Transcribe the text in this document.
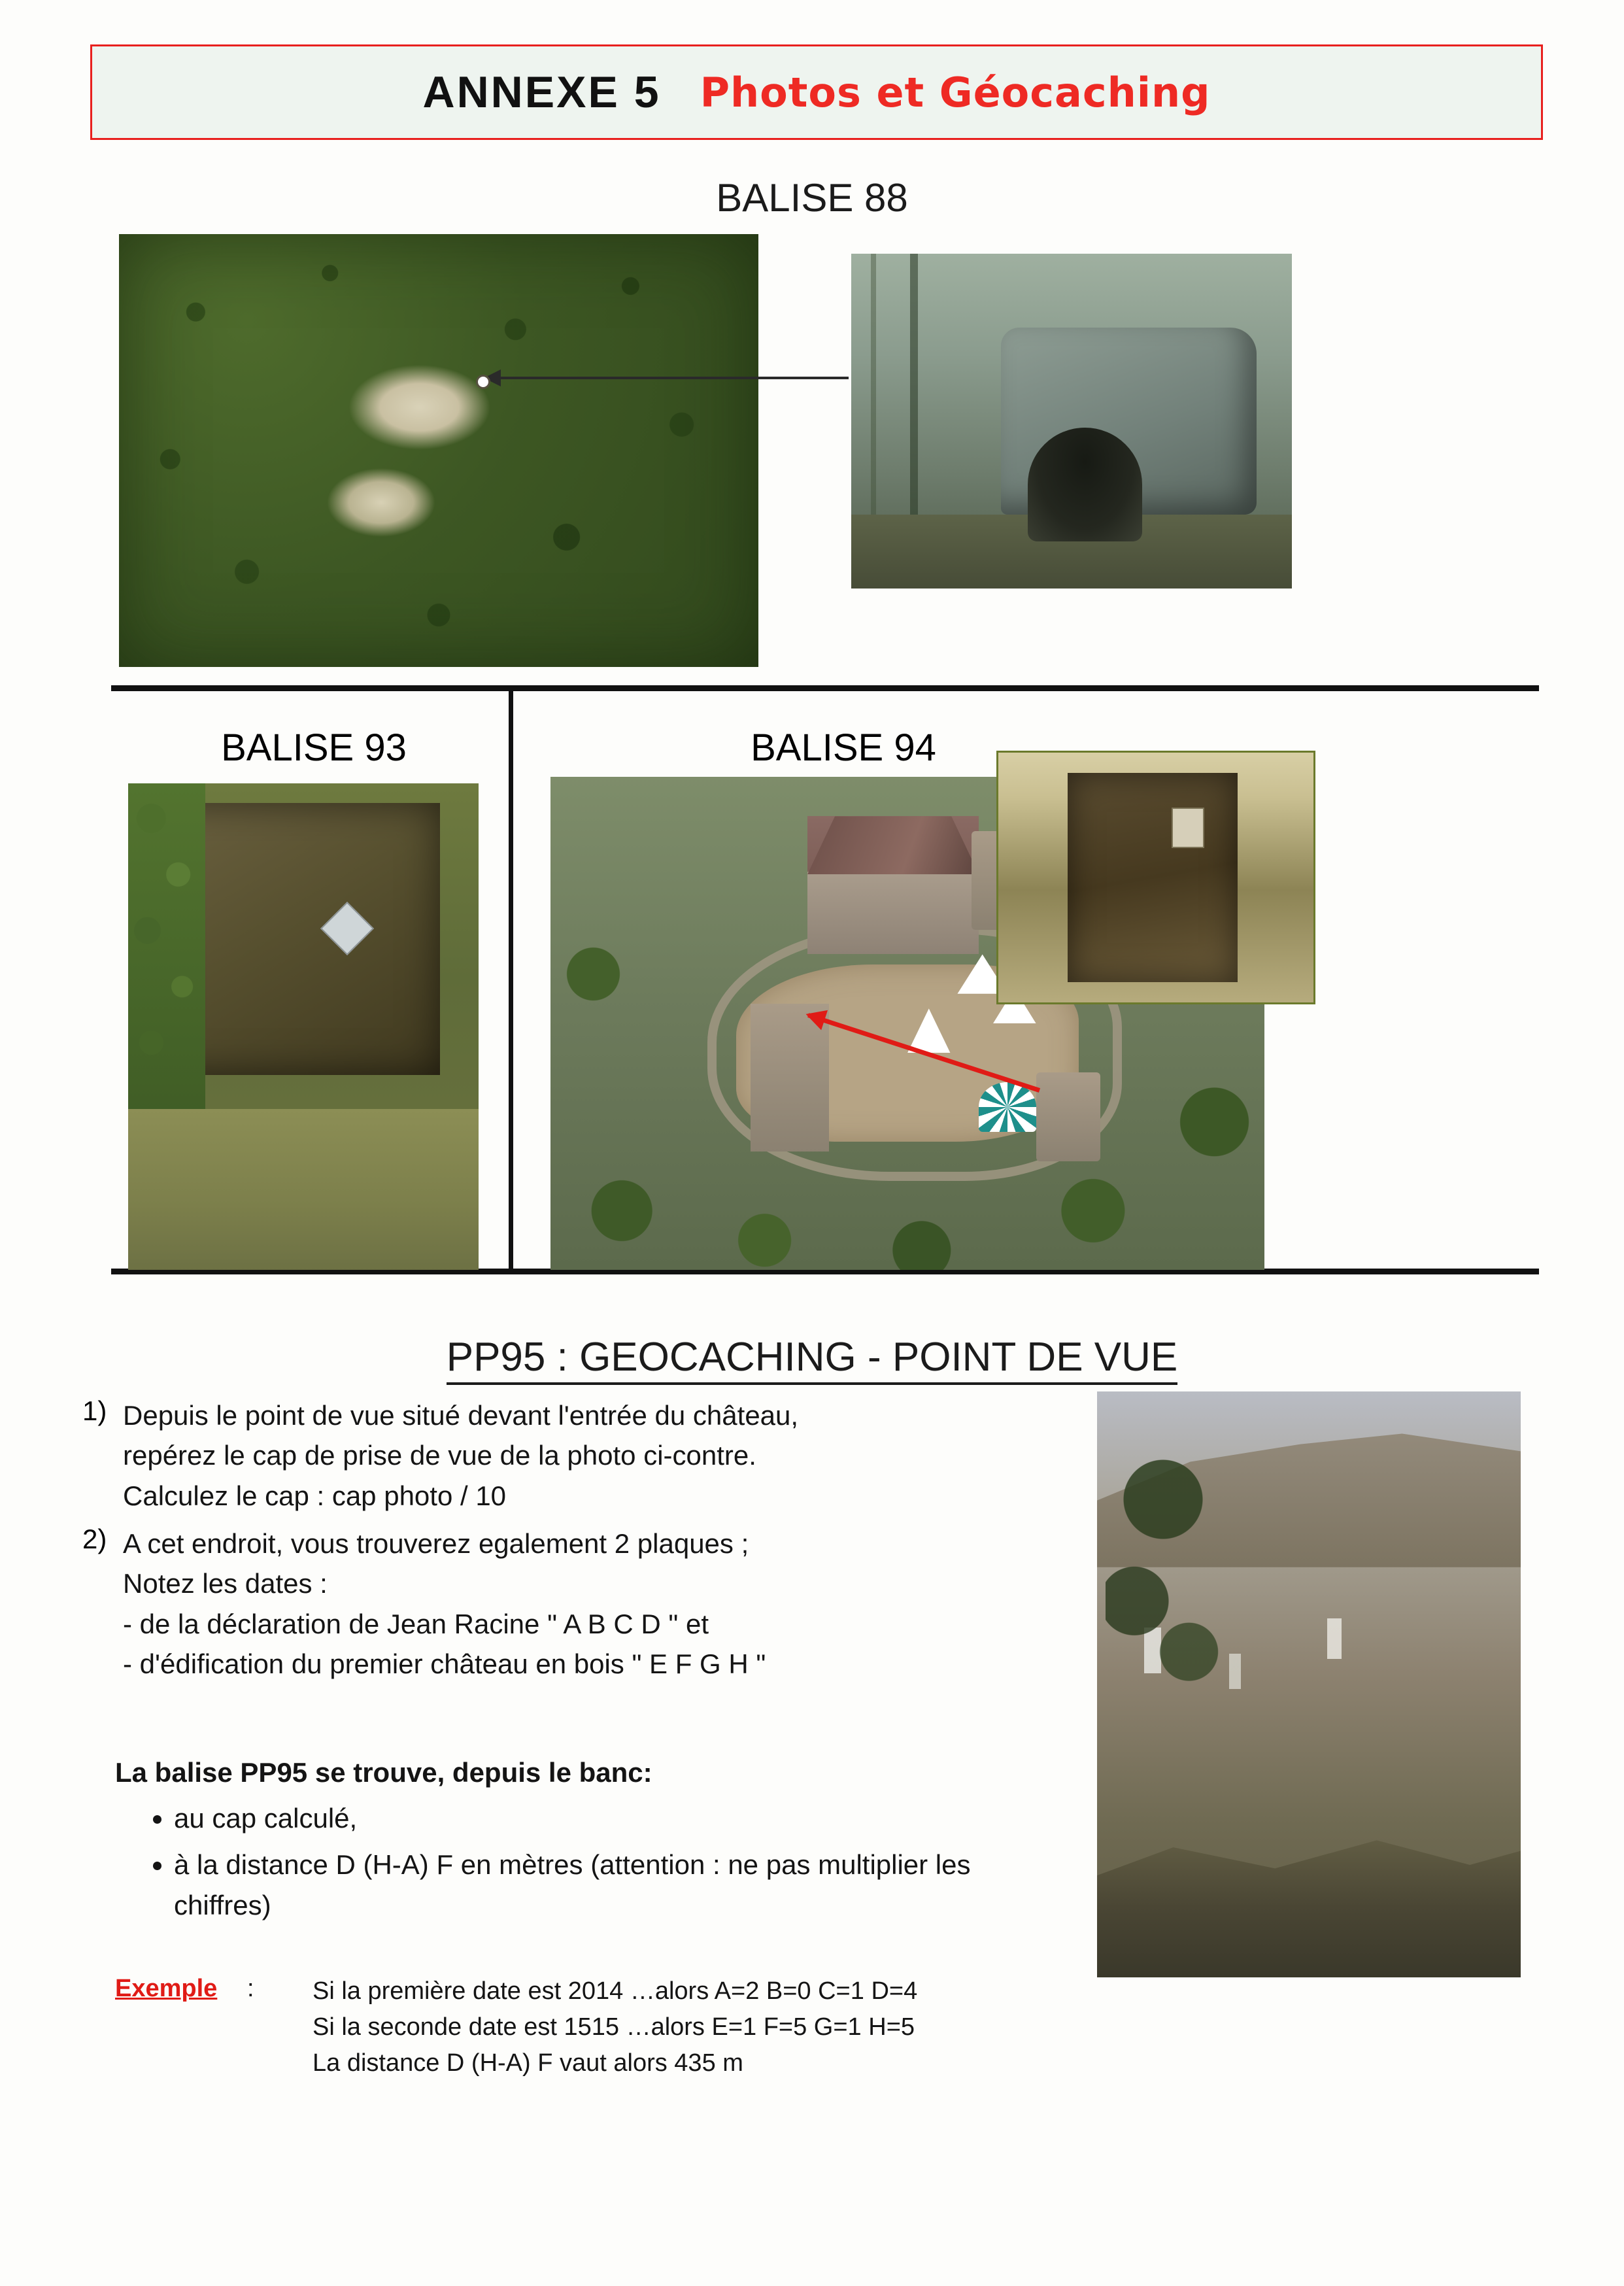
ANNEXE 5 Photos et Géocaching
BALISE 88
BALISE 93	BALISE 94
PP95 : GEOCACHING - POINT DE VUE
1) Depuis le point de vue situé devant l'entrée du château,
repérez le cap de prise de vue de la photo ci-contre.
Calculez le cap : cap photo / 10
2) A cet endroit, vous trouverez egalement 2 plaques ;
Notez les dates :
- de la déclaration de Jean Racine " A B C D " et
- d'édification du premier château en bois " E F G H "
La balise PP95 se trouve, depuis le banc:
• au cap calculé,
• à la distance D (H-A) F en mètres (attention : ne pas multiplier les chiffres)
Exemple : Si la première date est 2014 …alors A=2 B=0 C=1 D=4
Si la seconde date est 1515 …alors E=1 F=5 G=1 H=5
La distance D (H-A) F vaut alors 435 m
